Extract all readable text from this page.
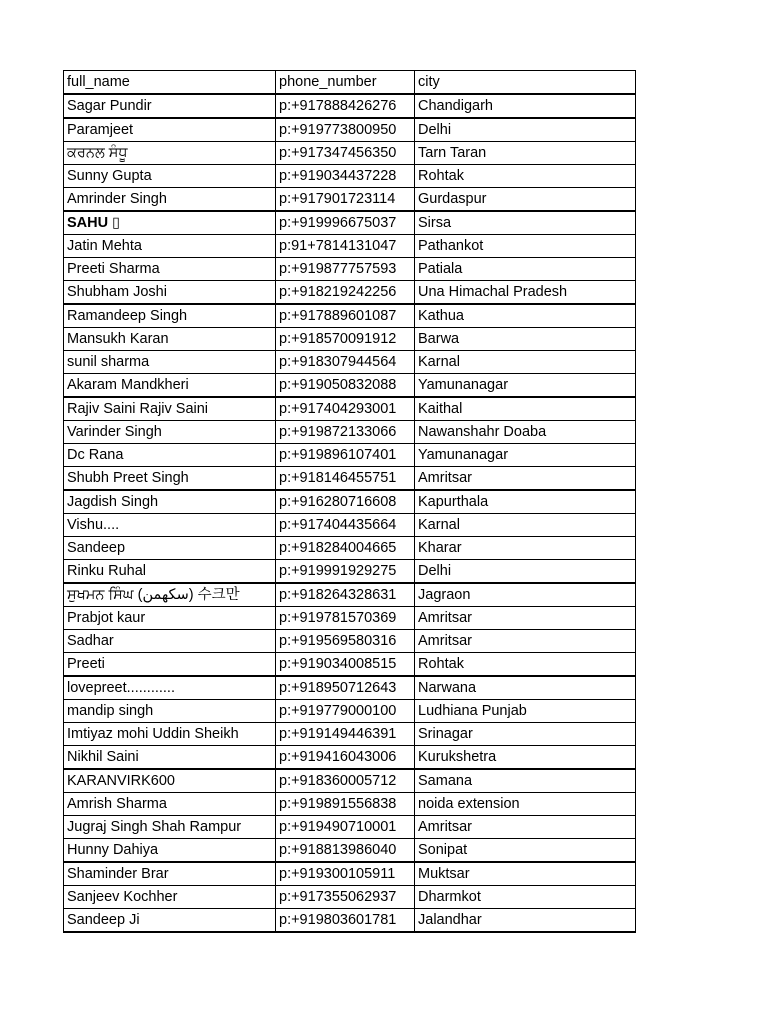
full_name	phone_number	city
Sagar Pundir	p:+917888426276	Chandigarh
Paramjeet	p:+919773800950	Delhi
ਕਰਨਲ ਸੰਧੂ	p:+917347456350	Tarn Taran
Sunny Gupta	p:+919034437228	Rohtak
Amrinder Singh	p:+917901723114	Gurdaspur
SAHU ▯	p:+919996675037	Sirsa
Jatin Mehta	p:91+7814131047	Pathankot
Preeti Sharma	p:+919877757593	Patiala
Shubham Joshi	p:+918219242256	Una Himachal Pradesh
Ramandeep Singh	p:+917889601087	Kathua
Mansukh Karan	p:+918570091912	Barwa
sunil sharma	p:+918307944564	Karnal
Akaram Mandkheri	p:+919050832088	Yamunanagar
Rajiv Saini Rajiv Saini	p:+917404293001	Kaithal
Varinder Singh	p:+919872133066	Nawanshahr Doaba
Dc Rana	p:+919896107401	Yamunanagar
Shubh Preet Singh	p:+918146455751	Amritsar
Jagdish Singh	p:+916280716608	Kapurthala
Vishu....	p:+917404435664	Karnal
Sandeep	p:+918284004665	Kharar
Rinku Ruhal	p:+919991929275	Delhi
ਸੁਖਮਨ ਸਿੰਘ (سکھمن) 수크만	p:+918264328631	Jagraon
Prabjot kaur	p:+919781570369	Amritsar
Sadhar	p:+919569580316	Amritsar
Preeti	p:+919034008515	Rohtak
lovepreet............	p:+918950712643	Narwana
mandip singh	p:+919779000100	Ludhiana Punjab
Imtiyaz mohi Uddin Sheikh	p:+919149446391	Srinagar
Nikhil Saini	p:+919416043006	Kurukshetra
KARANVIRK600	p:+918360005712	Samana
Amrish Sharma	p:+919891556838	noida extension
Jugraj Singh Shah Rampur	p:+919490710001	Amritsar
Hunny Dahiya	p:+918813986040	Sonipat
Shaminder Brar	p:+919300105911	Muktsar
Sanjeev Kochher	p:+917355062937	Dharmkot
Sandeep Ji	p:+919803601781	Jalandhar
